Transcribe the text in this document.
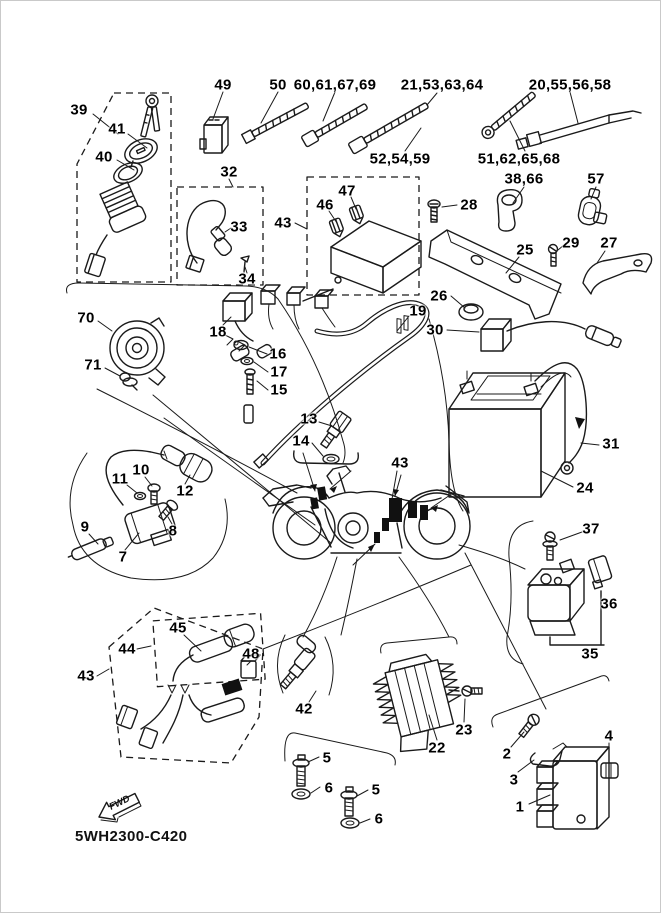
FWD
39
41
40
49	50 60,61,67,69 21,53,63,64	20,55,56,58
52,54,59	51,62,65,68
32
33
34
43
46
47
38,66	57
28
25 29 27
26
30
70
71
18
16
17
15
19
31
24
13
14
43
10
11
12
9	8
7
37
36
35
44
45
48
43
42
22
23
5
6	5
6
2
3
1
4
5WH2300-C420
